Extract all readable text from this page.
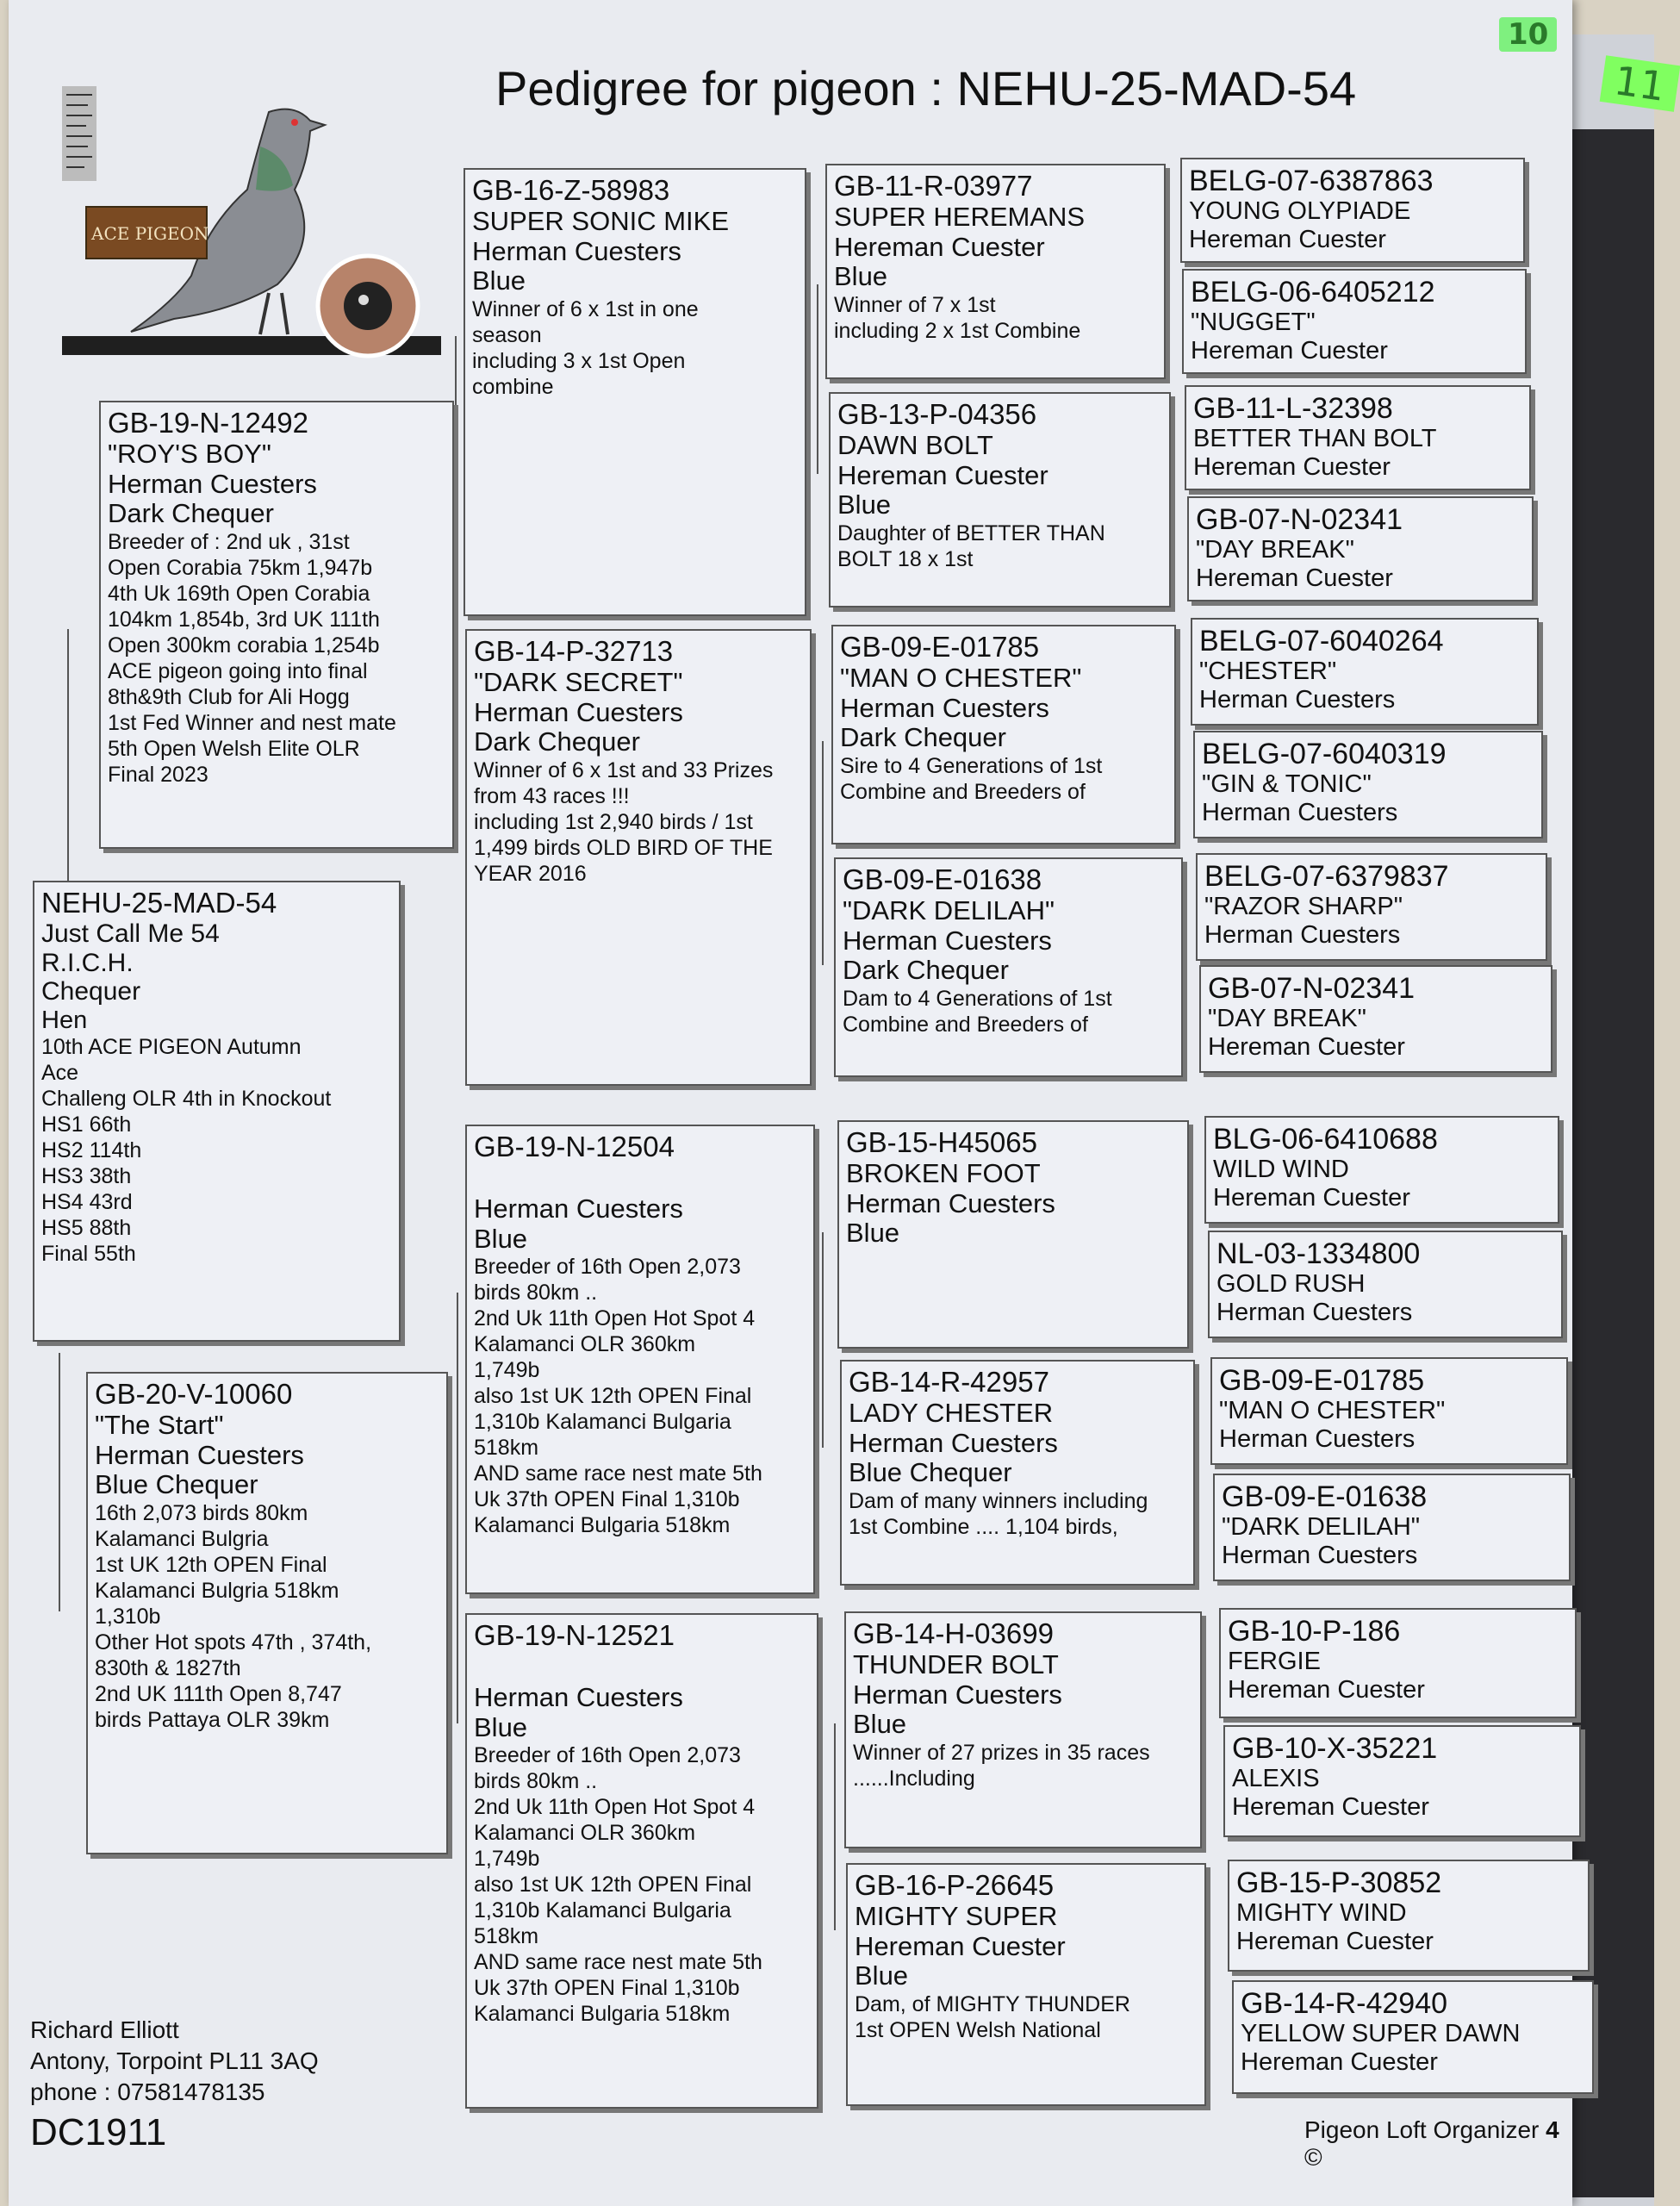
11
10
Pedigree for pigeon : NEHU-25-MAD-54
ACE PIGEON
NEHU-25-MAD-54
Just Call Me 54
R.I.C.H.
Chequer
Hen
10th ACE PIGEON Autumn
Ace
Challeng OLR 4th in Knockout
HS1 66th
HS2 114th
HS3 38th
HS4 43rd
HS5 88th
Final 55th
GB-19-N-12492
"ROY'S BOY"
Herman Cuesters
Dark Chequer
Breeder of : 2nd uk , 31st
Open Corabia 75km 1,947b
4th Uk 169th Open Corabia
104km 1,854b, 3rd UK 111th
Open 300km corabia 1,254b
ACE pigeon going into final
8th&9th Club for Ali Hogg
1st Fed Winner and nest mate
5th Open Welsh Elite OLR
Final 2023
GB-20-V-10060
"The Start"
Herman Cuesters
Blue Chequer
16th 2,073 birds 80km
Kalamanci Bulgria
1st UK 12th OPEN Final
Kalamanci Bulgria 518km
1,310b
Other Hot spots 47th , 374th,
830th & 1827th
2nd UK 111th Open 8,747
birds Pattaya OLR 39km
GB-16-Z-58983
SUPER SONIC MIKE
Herman Cuesters
Blue
Winner of 6 x 1st in one
season
including 3 x 1st Open
combine
GB-14-P-32713
"DARK SECRET"
Herman Cuesters
Dark Chequer
Winner of 6 x 1st and 33 Prizes
from 43 races !!!
including 1st 2,940 birds / 1st
1,499 birds OLD BIRD OF THE
YEAR 2016
GB-19-N-12504
Herman Cuesters
Blue
Breeder of 16th Open 2,073
birds 80km ..
2nd Uk 11th Open Hot Spot 4
Kalamanci OLR 360km
1,749b
also 1st UK 12th OPEN Final
1,310b Kalamanci Bulgaria
518km
AND same race nest mate 5th
Uk 37th OPEN Final 1,310b
Kalamanci Bulgaria 518km
GB-19-N-12521
Herman Cuesters
Blue
Breeder of 16th Open 2,073
birds 80km ..
2nd Uk 11th Open Hot Spot 4
Kalamanci OLR 360km
1,749b
also 1st UK 12th OPEN Final
1,310b Kalamanci Bulgaria
518km
AND same race nest mate 5th
Uk 37th OPEN Final 1,310b
Kalamanci Bulgaria 518km
GB-11-R-03977
SUPER HEREMANS
Hereman Cuester
Blue
Winner of 7 x 1st
including 2 x 1st Combine
GB-13-P-04356
DAWN BOLT
Hereman Cuester
Blue
Daughter of BETTER THAN
BOLT 18 x 1st
GB-09-E-01785
"MAN O CHESTER"
Herman Cuesters
Dark Chequer
Sire to 4 Generations of 1st
Combine and Breeders of
GB-09-E-01638
"DARK DELILAH"
Herman Cuesters
Dark Chequer
Dam to 4 Generations of 1st
Combine and Breeders of
GB-15-H45065
BROKEN FOOT
Herman Cuesters
Blue
GB-14-R-42957
LADY CHESTER
Herman Cuesters
Blue Chequer
Dam of many winners including
1st Combine .... 1,104 birds,
GB-14-H-03699
THUNDER BOLT
Herman Cuesters
Blue
Winner of 27 prizes in 35 races
......Including
GB-16-P-26645
MIGHTY SUPER
Hereman Cuester
Blue
Dam, of MIGHTY THUNDER
1st OPEN Welsh National
BELG-07-6387863
YOUNG OLYPIADE
Hereman Cuester
BELG-06-6405212
"NUGGET"
Hereman Cuester
GB-11-L-32398
BETTER THAN BOLT
Hereman Cuester
GB-07-N-02341
"DAY BREAK"
Hereman Cuester
BELG-07-6040264
"CHESTER"
Herman Cuesters
BELG-07-6040319
"GIN & TONIC"
Herman Cuesters
BELG-07-6379837
"RAZOR SHARP"
Herman Cuesters
GB-07-N-02341
"DAY BREAK"
Hereman Cuester
BLG-06-6410688
WILD WIND
Hereman Cuester
NL-03-1334800
GOLD RUSH
Herman Cuesters
GB-09-E-01785
"MAN O CHESTER"
Herman Cuesters
GB-09-E-01638
"DARK DELILAH"
Herman Cuesters
GB-10-P-186
FERGIE
Hereman Cuester
GB-10-X-35221
ALEXIS
Hereman Cuester
GB-15-P-30852
MIGHTY WIND
Hereman Cuester
GB-14-R-42940
YELLOW SUPER DAWN
Hereman Cuester
Richard Elliott
Antony, Torpoint PL11 3AQ
phone : 07581478135
DC1911	Pigeon Loft Organizer 4 ©
